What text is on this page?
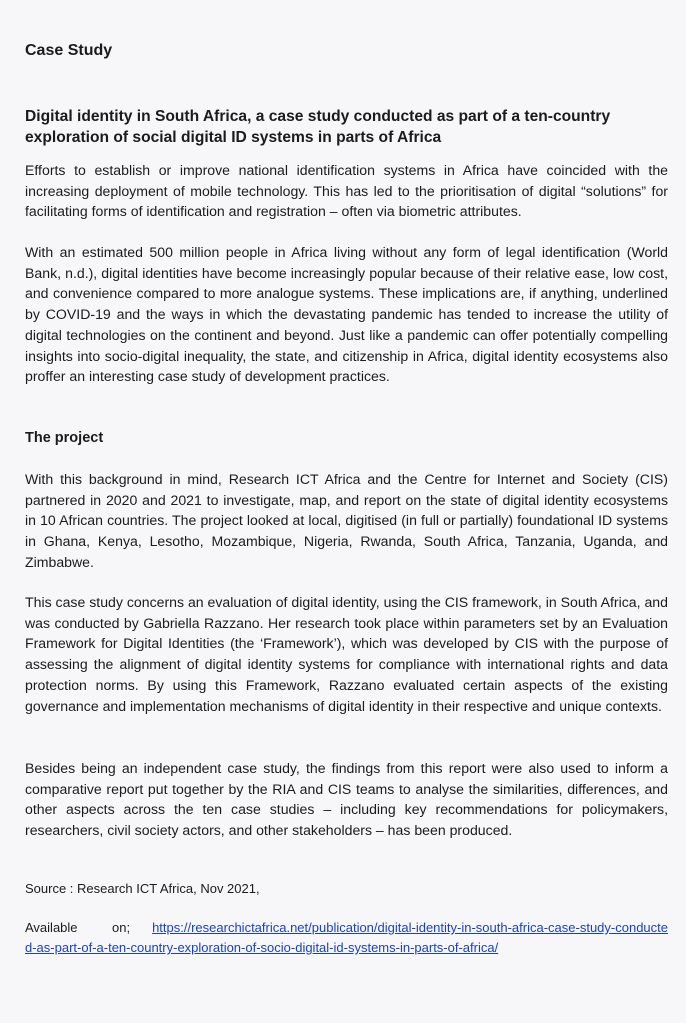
Case Study
Digital identity in South Africa, a case study conducted as part of a ten-country exploration of social digital ID systems in parts of Africa

Efforts to establish or improve national identification systems in Africa have coincided with the increasing deployment of mobile technology. This has led to the prioritisation of digital “solutions” for facilitating forms of identification and registration – often via biometric attributes.

With an estimated 500 million people in Africa living without any form of legal identification (World Bank, n.d.), digital identities have become increasingly popular because of their relative ease, low cost, and convenience compared to more analogue systems. These implications are, if anything, underlined by COVID-19 and the ways in which the devastating pandemic has tended to increase the utility of digital technologies on the continent and beyond. Just like a pandemic can offer potentially compelling insights into socio-digital inequality, the state, and citizenship in Africa, digital identity ecosystems also proffer an interesting case study of development practices.

The project

With this background in mind, Research ICT Africa and the Centre for Internet and Society (CIS) partnered in 2020 and 2021 to investigate, map, and report on the state of digital identity ecosystems in 10 African countries. The project looked at local, digitised (in full or partially) foundational ID systems in Ghana, Kenya, Lesotho, Mozambique, Nigeria, Rwanda, South Africa, Tanzania, Uganda, and Zimbabwe.

This case study concerns an evaluation of digital identity, using the CIS framework, in South Africa, and was conducted by Gabriella Razzano. Her research took place within parameters set by an Evaluation Framework for Digital Identities (the ‘Framework’), which was developed by CIS with the purpose of assessing the alignment of digital identity systems for compliance with international rights and data protection norms. By using this Framework, Razzano evaluated certain aspects of the existing governance and implementation mechanisms of digital identity in their respective and unique contexts.

Besides being an independent case study, the findings from this report were also used to inform a comparative report put together by the RIA and CIS teams to analyse the similarities, differences, and other aspects across the ten case studies – including key recommendations for policymakers, researchers, civil society actors, and other stakeholders – has been produced.

Source : Research ICT Africa, Nov 2021,

Available on; https://researchictafrica.net/publication/digital-identity-in-south-africa-case-study-conducted-as-part-of-a-ten-country-exploration-of-socio-digital-id-systems-in-parts-of-africa/
